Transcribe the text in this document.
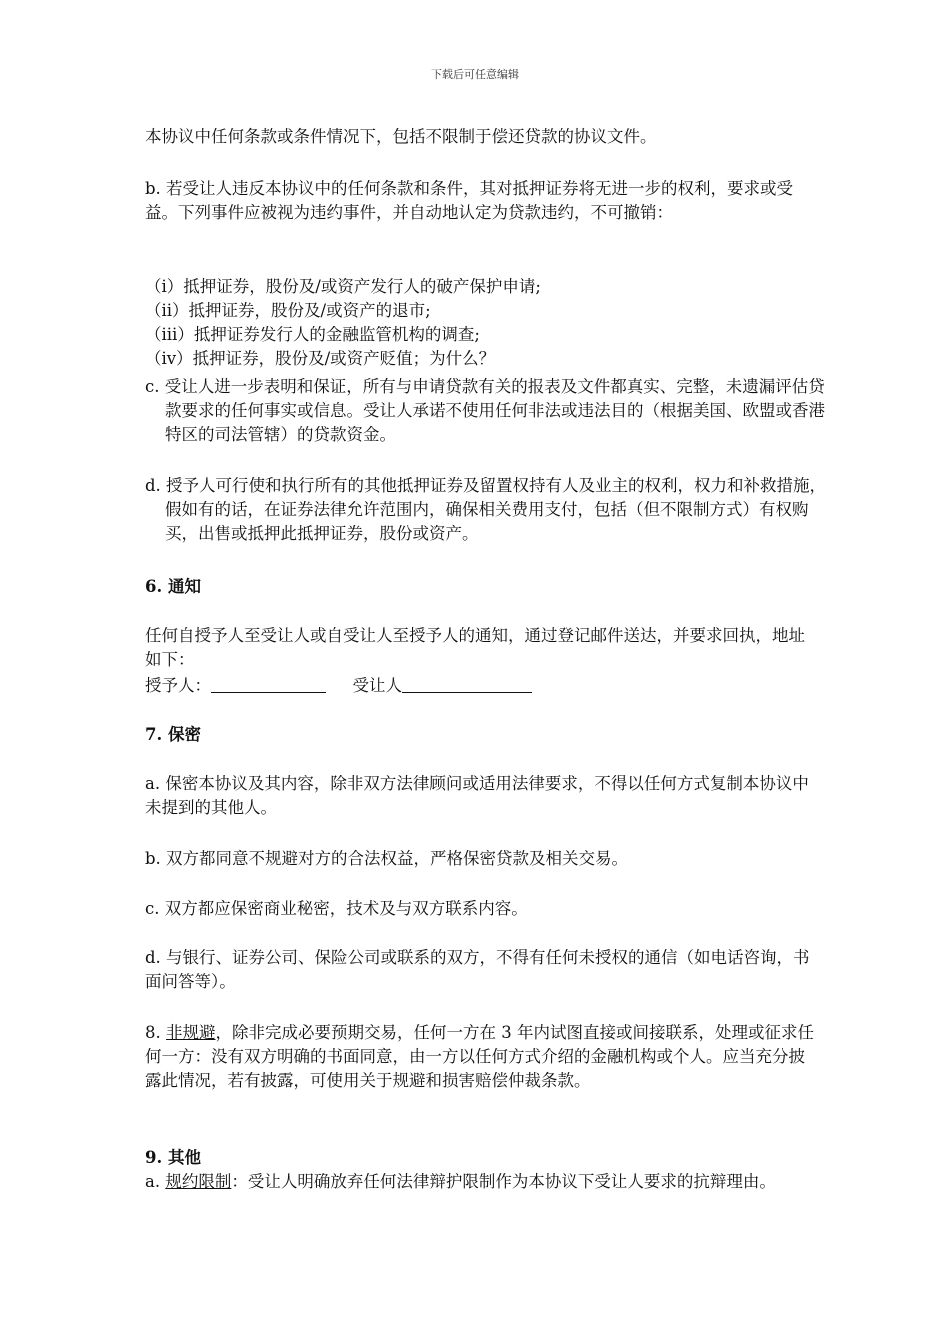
下载后可任意编辑

本协议中任何条款或条件情况下，包括不限制于偿还贷款的协议文件。

b. 若受让人违反本协议中的任何条款和条件，其对抵押证券将无进一步的权利，要求或受益。下列事件应被视为违约事件，并自动地认定为贷款违约，不可撤销：

（ⅰ）抵押证券，股份及/或资产发行人的破产保护申请;

（ⅱ）抵押证券，股份及/或资产的退市;

（ⅲ）抵押证券发行人的金融监管机构的调查;

（ⅳ）抵押证券，股份及/或资产贬值；为什么？

c. 受让人进一步表明和保证，所有与申请贷款有关的报表及文件都真实、完整，未遗漏评估贷款要求的任何事实或信息。受让人承诺不使用任何非法或违法目的（根据美国、欧盟或香港特区的司法管辖）的贷款资金。

d. 授予人可行使和执行所有的其他抵押证券及留置权持有人及业主的权利，权力和补救措施，假如有的话，在证券法律允许范围内，确保相关费用支付，包括（但不限制方式）有权购买，出售或抵押此抵押证券，股份或资产。

6. 通知

任何自授予人至受让人或自受让人至授予人的通知，通过登记邮件送达，并要求回执，地址如下：

授予人：	受让人

7. 保密

a. 保密本协议及其内容，除非双方法律顾问或适用法律要求，不得以任何方式复制本协议中未提到的其他人。

b. 双方都同意不规避对方的合法权益，严格保密贷款及相关交易。

c. 双方都应保密商业秘密，技术及与双方联系内容。

d. 与银行、证券公司、保险公司或联系的双方，不得有任何未授权的通信（如电话咨询，书面问答等）。

8. 非规避，除非完成必要预期交易，任何一方在 3 年内试图直接或间接联系，处理或征求任何一方：没有双方明确的书面同意，由一方以任何方式介绍的金融机构或个人。应当充分披露此情况，若有披露，可使用关于规避和损害赔偿仲裁条款。

9. 其他

a. 规约限制：受让人明确放弃任何法律辩护限制作为本协议下受让人要求的抗辩理由。
